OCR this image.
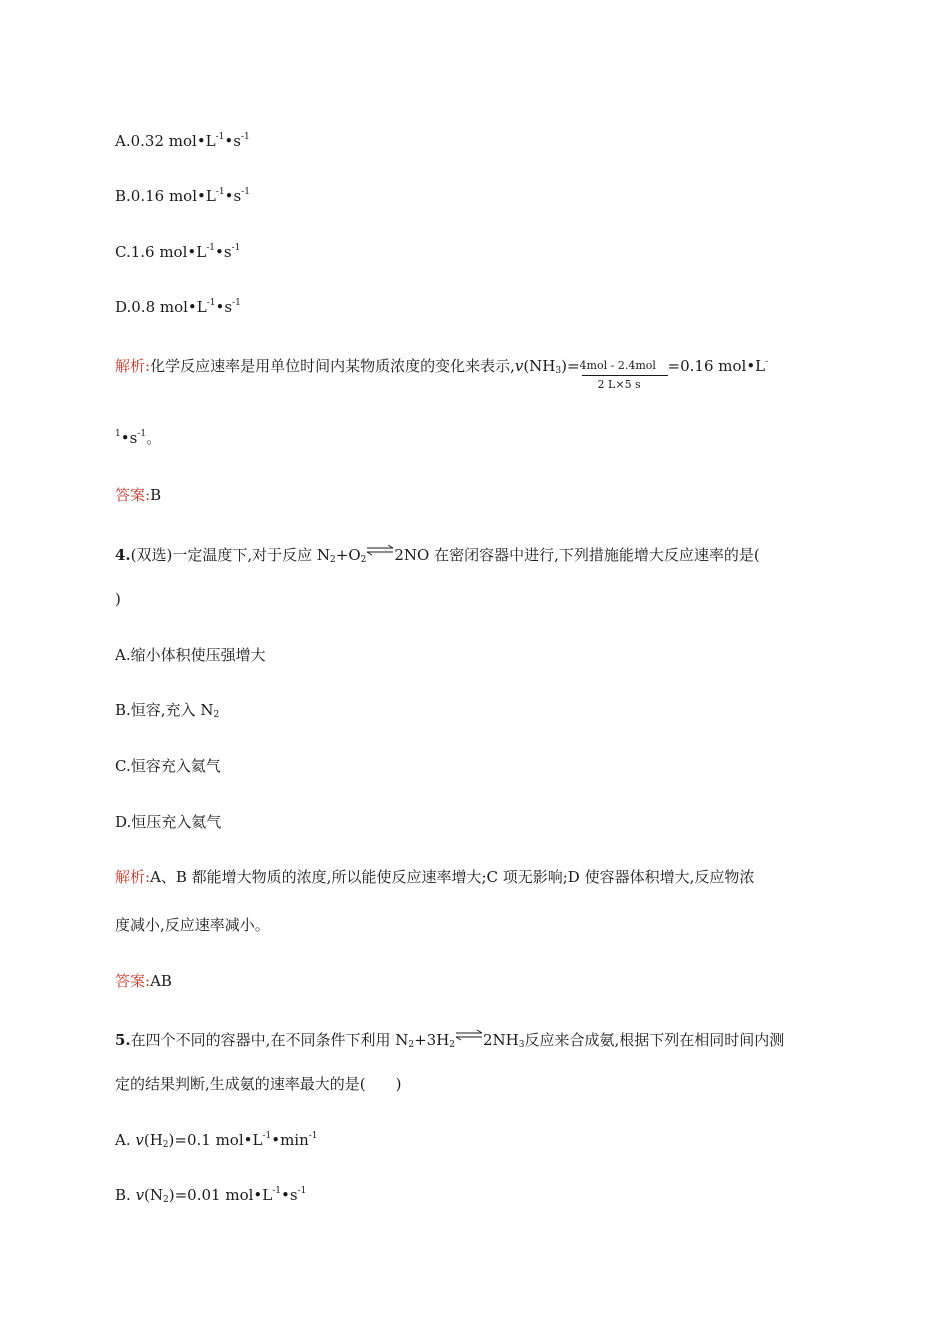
A.0.32 $mol•L^{-1}•s^{-1}$
B.0.16 $mol•L^{-1}•s^{-1}$
C.1.6 $mol•L^{-1}•s^{-1}$
D.0.8 $mol•L^{-1}•s^{-1}$
解析:化学反应速率是用单位时间内某物质浓度的变化来表示$,v(NH_3)= \frac{\text{4mol - 2.4mol}}{2 L\times 5 s} =0.16$ mol•L-
$^1•s^{-1}$。
答案:B
4.(双选)一定温度下,对于反应 $N_2+O_2$ ⇌2NO 在密闭容器中进行,下列措施能增大反应速率的是(
)
A.缩小体积使压强增大
B.恒容,充入 $N_2$
C.恒容充入氦气
D.恒压充入氦气
解析:A、B 都能增大物质的浓度,所以能使反应速率增大;C 项无影响;D 使容器体积增大,反应物浓
度减小,反应速率减小。
答案:AB
5.在四个不同的容器中,在不同条件下利用 $N_2+3H_2$ $\rightleftharpoons 2NH_3$反应来合成氨,根据下列在相同时间内测
定的结果判断,生成氨的速率最大的是(　　)
A. $v(H_2)=0.1$ $mol•L^{-1}•\min^{-1}$
B. $v(N_2)=0.01$ $mol•L^{-1}•s^{-1}$
